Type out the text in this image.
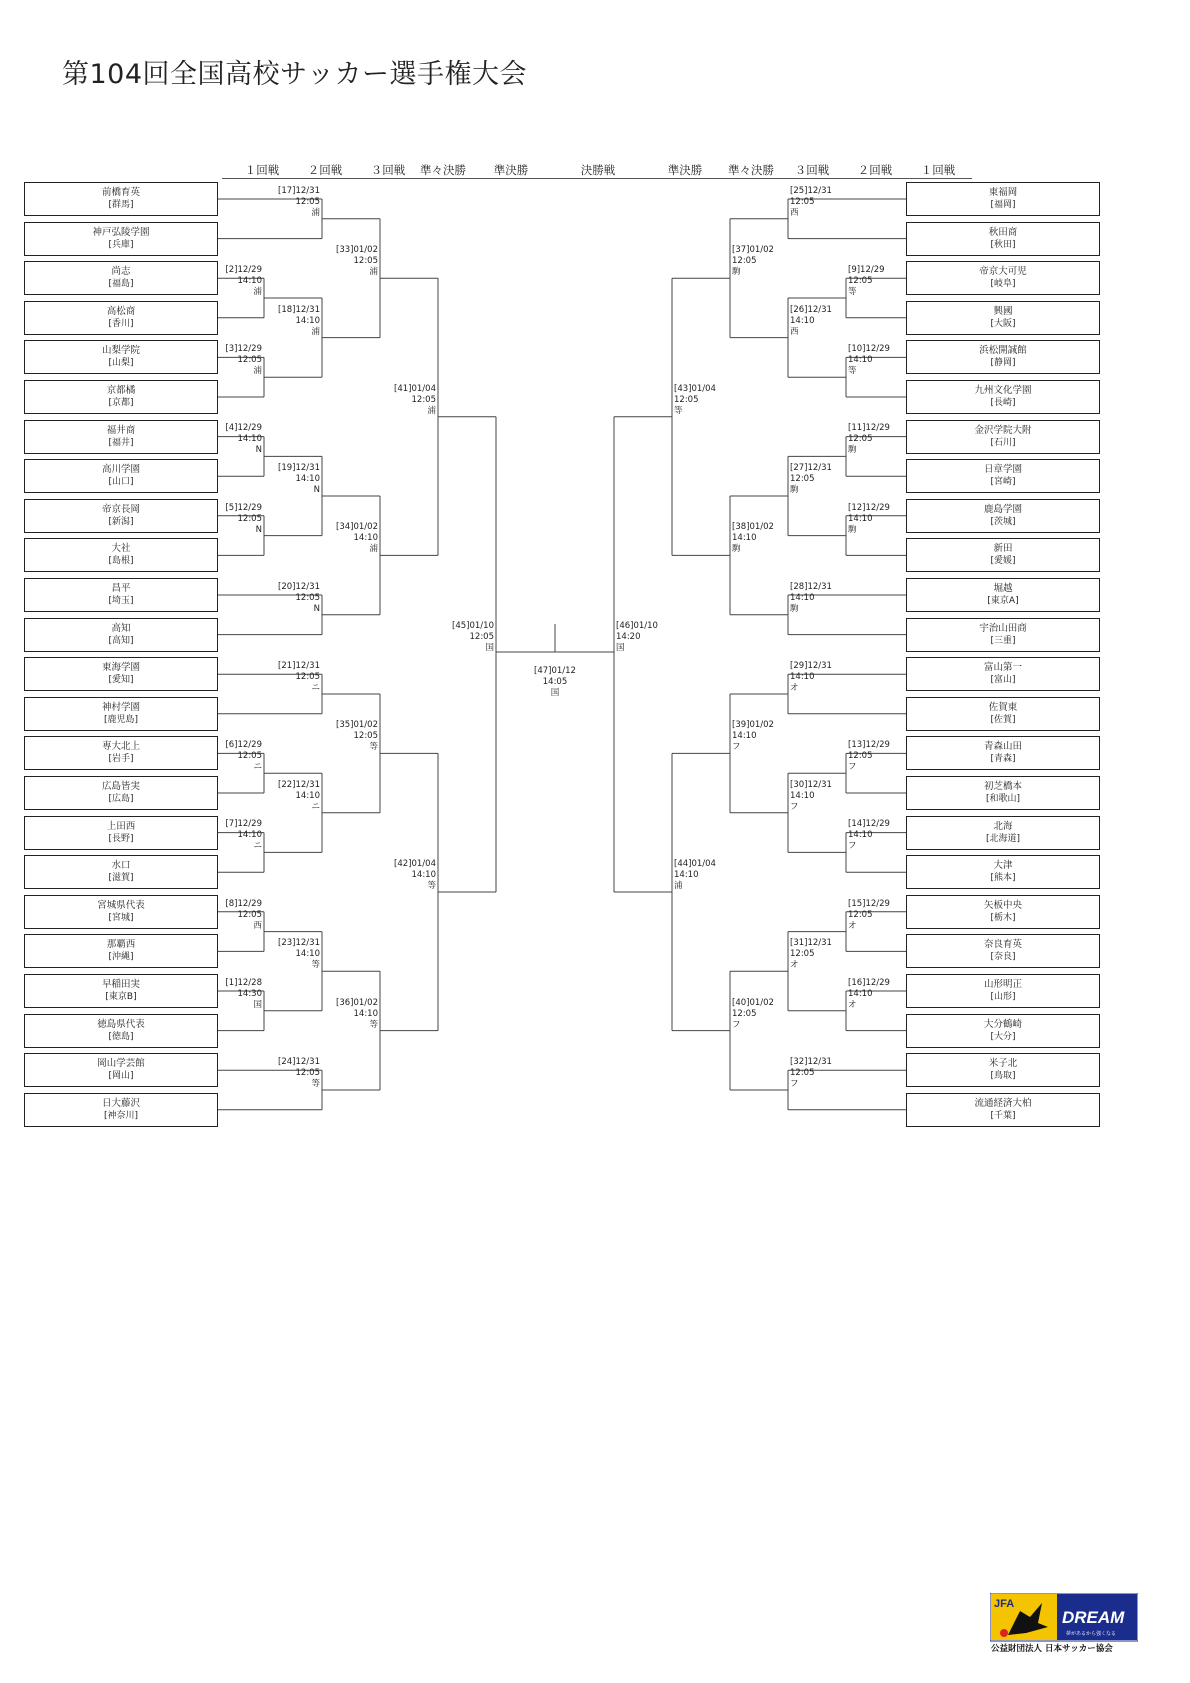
第104回全国高校サッカー選手権大会
１回戦 ２回戦 ３回戦 準々決勝 準決勝	決勝戦	準決勝 準々決勝 ３回戦 ２回戦 １回戦
前橋育英
[群馬]
東福岡
[福岡]
神戸弘陵学園
[兵庫]
秋田商
[秋田]
尚志
[福島]
帝京大可児
[岐阜]
高松商
[香川]
興國
[大阪]
山梨学院
[山梨]
浜松開誠館
[静岡]
京都橘
[京都]
九州文化学園
[長崎]
福井商
[福井]
金沢学院大附
[石川]
高川学園
[山口]
日章学園
[宮崎]
帝京長岡
[新潟]
鹿島学園
[茨城]
大社
[島根]
新田
[愛媛]
昌平
[埼玉]
堀越
[東京A]
高知
[高知]
宇治山田商
[三重]
東海学園
[愛知]
富山第一
[富山]
神村学園
[鹿児島]
佐賀東
[佐賀]
専大北上
[岩手]
青森山田
[青森]
広島皆実
[広島]
初芝橋本
[和歌山]
上田西
[長野]
北海
[北海道]
水口
[滋賀]
大津
[熊本]
宮城県代表
[宮城]
矢板中央
[栃木]
那覇西
[沖縄]
奈良育英
[奈良]
早稲田実
[東京B]
山形明正
[山形]
徳島県代表
[徳島]
大分鶴崎
[大分]
岡山学芸館
[岡山]
米子北
[鳥取]
日大藤沢
[神奈川]
流通経済大柏
[千葉]
[17]12/31
12:05
浦
[2]12/29
14:10
浦
[3]12/29
12:05
浦
[18]12/31
14:10
浦
[4]12/29
14:10
N
[5]12/29
12:05
N
[19]12/31
14:10
N
[20]12/31
12:05
N
[21]12/31
12:05
ニ
[6]12/29
12:05
ニ
[7]12/29
14:10
ニ
[22]12/31
14:10
ニ
[8]12/29
12:05
西
[1]12/28
14:30
国
[23]12/31
14:10
等
[24]12/31
12:05
等
[33]01/02
12:05
浦
[34]01/02
14:10
浦
[35]01/02
12:05
等
[36]01/02
14:10
等
[41]01/04
12:05
浦
[42]01/04
14:10
等
[45]01/10
12:05
国
[25]12/31
12:05
西
[9]12/29
12:05
等
[10]12/29
14:10
等
[26]12/31
14:10
西
[11]12/29
12:05
駒
[12]12/29
14:10
駒
[27]12/31
12:05
駒
[28]12/31
14:10
駒
[29]12/31
14:10
オ
[13]12/29
12:05
フ
[14]12/29
14:10
フ
[30]12/31
14:10
フ
[15]12/29
12:05
オ
[16]12/29
14:10
オ
[31]12/31
12:05
オ
[32]12/31
12:05
フ
[37]01/02
12:05
駒
[38]01/02
14:10
駒
[39]01/02
14:10
フ
[40]01/02
12:05
フ
[43]01/04
12:05
等
[44]01/04
14:10
浦
[46]01/10
14:20
国
[47]01/12
14:05
国
JFA
DREAM
夢があるから強くなる
公益財団法人 日本サッカー協会
